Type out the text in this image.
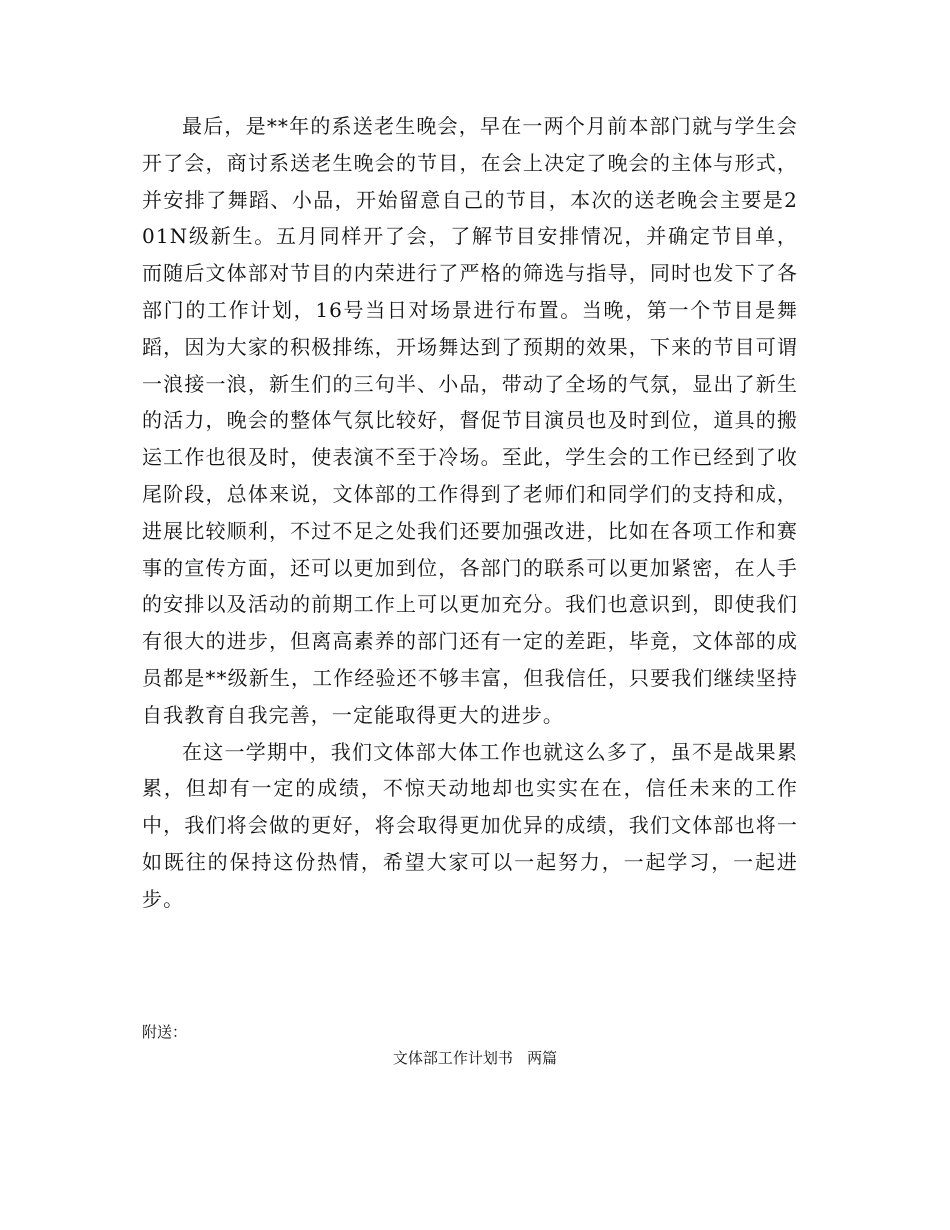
最后，是**年的系送老生晚会，早在一两个月前本部门就与学生会开了会，商讨系送老生晚会的节目，在会上决定了晚会的主体与形式，并安排了舞蹈、小品，开始留意自己的节目，本次的送老晚会主要是201N级新生。五月同样开了会，了解节目安排情况，并确定节目单，而随后文体部对节目的内荣进行了严格的筛选与指导，同时也发下了各部门的工作计划，16号当日对场景进行布置。当晚，第一个节目是舞蹈，因为大家的积极排练，开场舞达到了预期的效果，下来的节目可谓一浪接一浪，新生们的三句半、小品，带动了全场的气氛，显出了新生的活力，晚会的整体气氛比较好，督促节目演员也及时到位，道具的搬运工作也很及时，使表演不至于冷场。至此，学生会的工作已经到了收尾阶段，总体来说，文体部的工作得到了老师们和同学们的支持和成，进展比较顺利，不过不足之处我们还要加强改进，比如在各项工作和赛事的宣传方面，还可以更加到位，各部门的联系可以更加紧密，在人手的安排以及活动的前期工作上可以更加充分。我们也意识到，即使我们有很大的进步，但离高素养的部门还有一定的差距，毕竟，文体部的成员都是**级新生，工作经验还不够丰富，但我信任，只要我们继续坚持自我教育自我完善，一定能取得更大的进步。

在这一学期中，我们文体部大体工作也就这么多了，虽不是战果累累，但却有一定的成绩，不惊天动地却也实实在在，信任未来的工作中，我们将会做的更好，将会取得更加优异的成绩，我们文体部也将一如既往的保持这份热情，希望大家可以一起努力，一起学习，一起进步。

附送：

文体部工作计划书   两篇
